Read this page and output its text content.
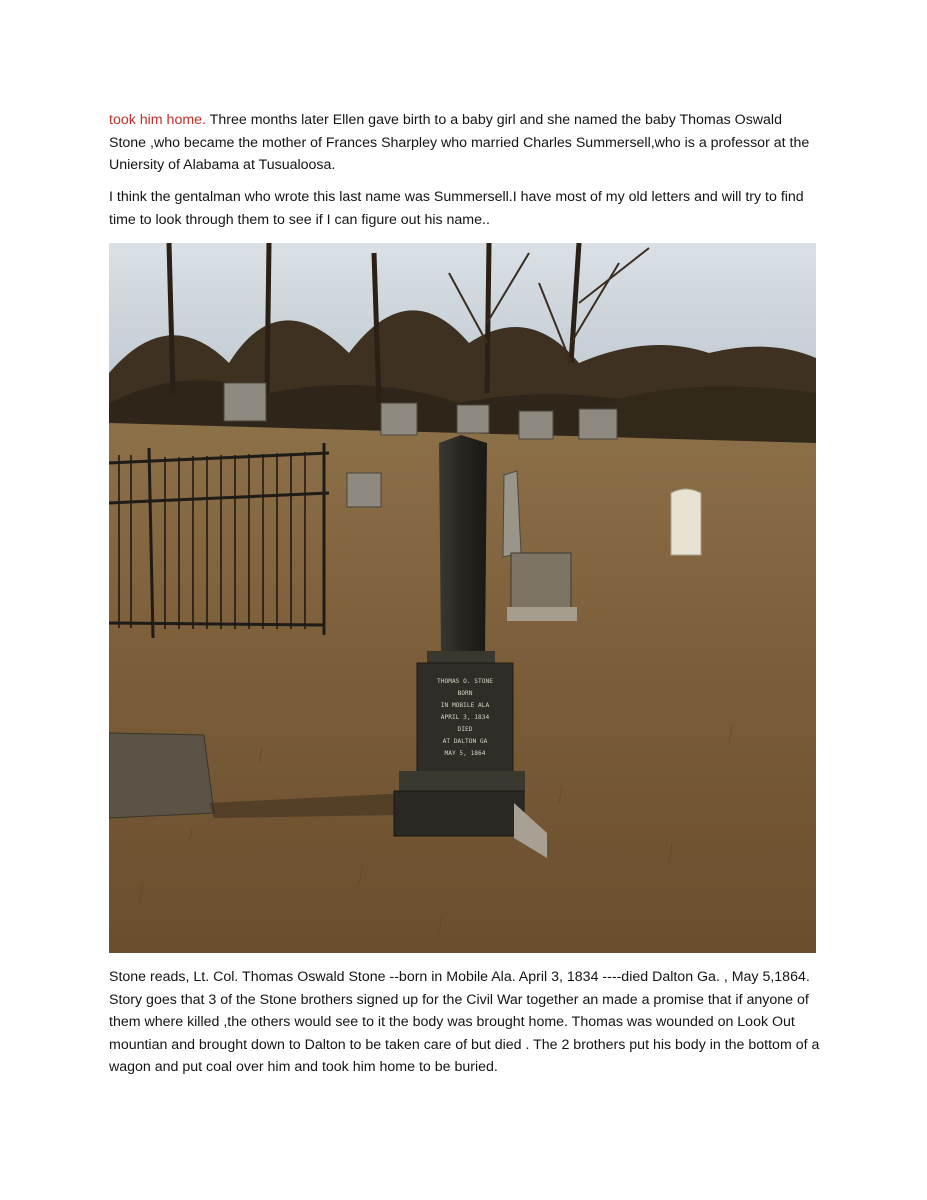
took him home. Three months later Ellen gave birth to a baby girl and she named the baby Thomas Oswald Stone ,who became the mother of Frances Sharpley who married Charles Summersell,who is a professor at the Uniersity of Alabama at Tusualoosa.

I think the gentalman who wrote this last name was Summersell.I have most of my old letters and will try to find time to look through them to see if I can figure out his name..

THOMAS O. STONE
BORN
IN MOBILE ALA
APRIL 3, 1834
DIED
AT DALTON GA
MAY 5, 1864

Stone reads, Lt. Col. Thomas Oswald Stone --born in Mobile Ala. April 3, 1834 ----died Dalton Ga. , May 5,1864. Story goes that 3 of the Stone brothers signed up for the Civil War together an made a promise that if anyone of them where killed ,the others would see to it the body was brought home. Thomas was wounded on Look Out mountian and brought down to Dalton to be taken care of but died . The 2 brothers put his body in the bottom of a wagon and put coal over him and took him home to be buried.
